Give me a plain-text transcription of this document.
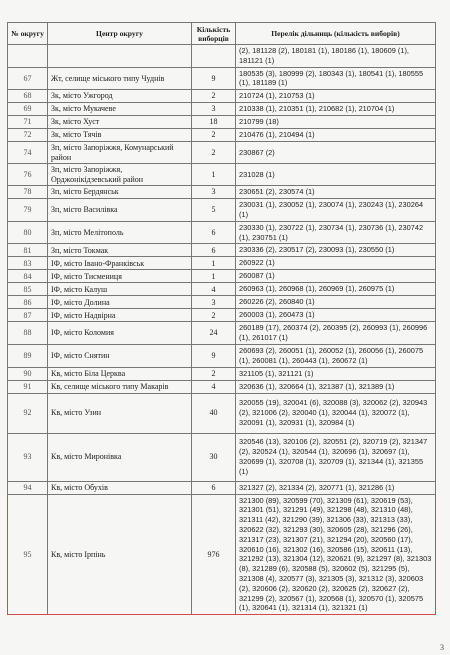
№ округу	Центр округу	Кількість виборців	Перелік дільниць (кількість виборів)
			(2), 181128 (2), 180181 (1), 180186 (1), 180609 (1), 181121 (1)
67	Жт, селище міського типу Чуднів	9	180535 (3), 180999 (2), 180343 (1), 180541 (1), 180555 (1), 181189 (1)
68	Зк, місто Ужгород	2	210724 (1), 210753 (1)
69	Зк, місто Мукачеве	3	210338 (1), 210351 (1), 210682 (1), 210704 (1)
71	Зк, місто Хуст	18	210799 (18)
72	Зк, місто Тячів	2	210476 (1), 210494 (1)
74	Зп, місто Запоріжжя, Комунарський район	2	230867 (2)
76	Зп, місто Запоріжжя, Орджонікідзевський район	1	231028 (1)
78	Зп, місто Бердянськ	3	230651 (2), 230574 (1)
79	Зп, місто Василівка	5	230031 (1), 230052 (1), 230074 (1), 230243 (1), 230264 (1)
80	Зп, місто Мелітополь	6	230330 (1), 230722 (1), 230734 (1), 230736 (1), 230742 (1), 230751 (1)
81	Зп, місто Токмак	6	230336 (2), 230517 (2), 230093 (1), 230550 (1)
83	ІФ, місто Івано-Франківськ	1	260922 (1)
84	ІФ, місто Тисмениця	1	260087 (1)
85	ІФ, місто Калуш	4	260963 (1), 260968 (1), 260969 (1), 260975 (1)
86	ІФ, місто Долина	3	260226 (2), 260840 (1)
87	ІФ, місто Надвірна	2	260003 (1), 260473 (1)
88	ІФ, місто Коломия	24	260189 (17), 260374 (2), 260395 (2), 260993 (1), 260996 (1), 261017 (1)
89	ІФ, місто Снятин	9	260693 (2), 260051 (1), 260052 (1), 260056 (1), 260075 (1), 260081 (1), 260443 (1), 260672 (1)
90	Кв, місто Біла Церква	2	321105 (1), 321121 (1)
91	Кв, селище міського типу Макарів	4	320636 (1), 320664 (1), 321387 (1), 321389 (1)
92	Кв, місто Узин	40	320055 (19), 320041 (6), 320088 (3), 320062 (2), 320943 (2), 321006 (2), 320040 (1), 320044 (1), 320072 (1), 320091 (1), 320931 (1), 320984 (1)
93	Кв, місто Миронівка	30	320546 (13), 320106 (2), 320551 (2), 320719 (2), 321347 (2), 320524 (1), 320544 (1), 320696 (1), 320697 (1), 320699 (1), 320708 (1), 320709 (1), 321344 (1), 321355 (1)
94	Кв, місто Обухів	6	321327 (2), 321334 (2), 320771 (1), 321286 (1)
95	Кв, місто Ірпінь	976	321300 (89), 320599 (70), 321309 (61), 320619 (53), 321301 (51), 321291 (49), 321298 (48), 321310 (48), 321311 (42), 321290 (39), 321306 (33), 321313 (33), 320622 (32), 321293 (30), 320605 (28), 321296 (26), 321317 (23), 321307 (21), 321294 (20), 320560 (17), 320610 (16), 321302 (16), 320586 (15), 320611 (13), 321292 (13), 321304 (12), 320621 (9), 321297 (8), 321303 (8), 321289 (6), 320588 (5), 320602 (5), 321295 (5), 321308 (4), 320577 (3), 321305 (3), 321312 (3), 320603 (2), 320606 (2), 320620 (2), 320625 (2), 320627 (2), 321299 (2), 320567 (1), 320568 (1), 320570 (1), 320575 (1), 320641 (1), 321314 (1), 321321 (1)
3
